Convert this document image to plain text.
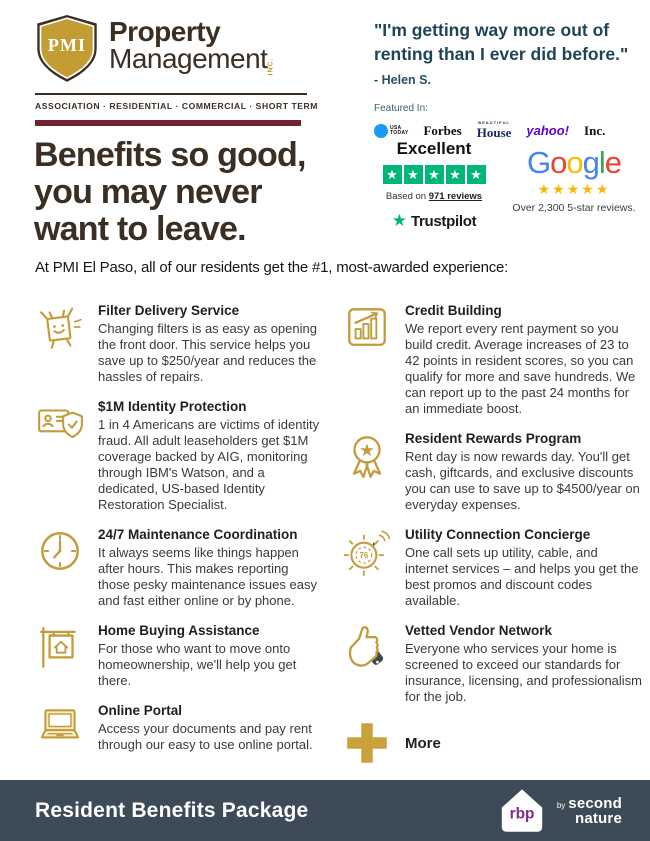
PMI Property
Management INC.
ASSOCIATION · RESIDENTIAL · COMMERCIAL · SHORT TERM
"I'm getting way more out of
renting than I ever did before."
- Helen S.
Featured In:
USA
TODAY Forbes	BEAUTIFUL
House yahoo! Inc.
Benefits so good,
you may never
want to leave.
Excellent
★ ★ ★ ★ ★
Based on 971 reviews
★ Trustpilot
Google
★★★★★
Over 2,300 5-star reviews.

At PMI El Paso, all of our residents get the #1, most-awarded experience:

Filter Delivery Service
Changing filters is as easy as opening the front door. This service helps you save up to $250/year and reduces the hassles of repairs.
$1M Identity Protection
1 in 4 Americans are victims of identity fraud. All adult leaseholders get $1M coverage backed by AIG, monitoring through IBM's Watson, and a dedicated, US-based Identity Restoration Specialist.
24/7 Maintenance Coordination
It always seems like things happen after hours. This makes reporting those pesky maintenance issues easy and fast either online or by phone.
Home Buying Assistance
For those who want to move onto homeownership, we'll help you get there.
Online Portal
Access your documents and pay rent through our easy to use online portal.
Credit Building
We report every rent payment so you build credit. Average increases of 23 to 42 points in resident scores, so you can qualify for more and save hundreds. We can report up to the past 24 months for an immediate boost.
★
Resident Rewards Program
Rent day is now rewards day. You'll get cash, giftcards, and exclusive discounts you can use to save up to $4500/year on everyday expenses.
76
Utility Connection Concierge
One call sets up utility, cable, and internet services – and helps you get the best promos and discount codes available.
Vetted Vendor Network
Everyone who services your home is screened to exceed our standards for insurance, licensing, and professionalism for the job.
More
Resident Benefits Package	rbp
by second
nature
